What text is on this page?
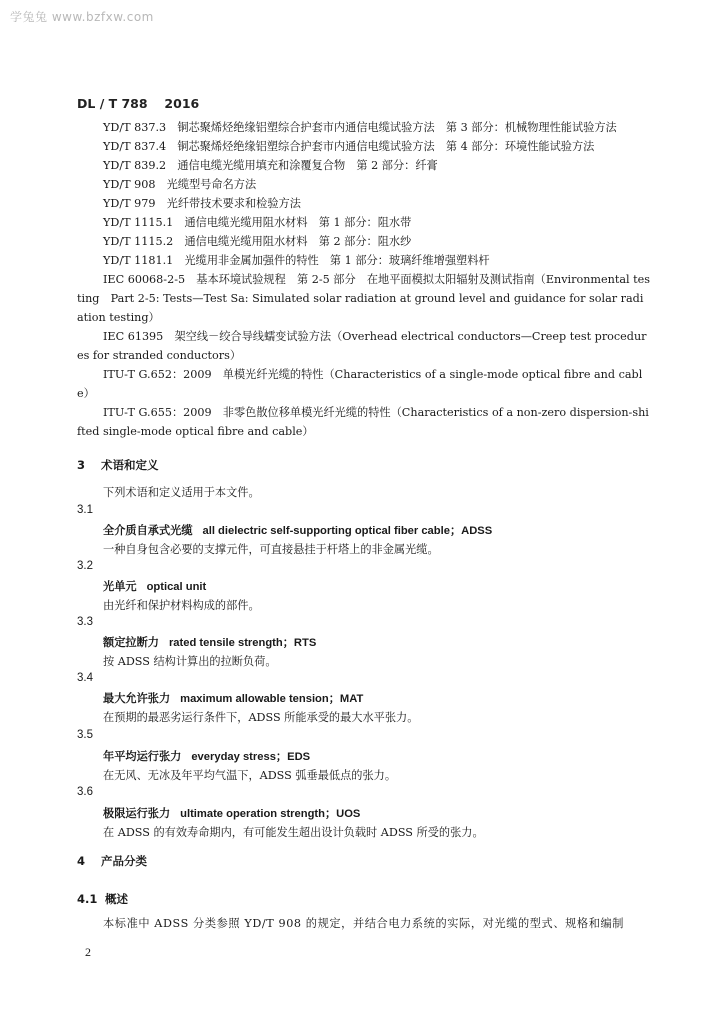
学兔兔 www.bzfxw.com
DL / T 788　 2016

YD/T 837.3　铜芯聚烯烃绝缘铝塑综合护套市内通信电缆试验方法　第 3 部分：机械物理性能试验方法

YD/T 837.4　铜芯聚烯烃绝缘铝塑综合护套市内通信电缆试验方法　第 4 部分：环境性能试验方法

YD/T 839.2　通信电缆光缆用填充和涂覆复合物　第 2 部分：纤膏

YD/T 908　光缆型号命名方法

YD/T 979　光纤带技术要求和检验方法

YD/T 1115.1　通信电缆光缆用阻水材料　第 1 部分：阻水带

YD/T 1115.2　通信电缆光缆用阻水材料　第 2 部分：阻水纱

YD/T 1181.1　光缆用非金属加强件的特性　第 1 部分：玻璃纤维增强塑料杆

IEC 60068-2-5　基本环境试验规程　第 2-5 部分　在地平面模拟太阳辐射及测试指南（Environmental testing　Part 2-5: Tests—Test Sa: Simulated solar radiation at ground level and guidance for solar radiation testing）

IEC 61395　架空线－绞合导线蠕变试验方法（Overhead electrical conductors—Creep test procedures for stranded conductors）

ITU-T G.652：2009　单模光纤光缆的特性（Characteristics of a single-mode optical fibre and cable）

ITU-T G.655：2009　非零色散位移单模光纤光缆的特性（Characteristics of a non-zero dispersion-shifted single-mode optical fibre and cable）

3 术语和定义
下列术语和定义适用于本文件。
3.1
全介质自承式光缆 all dielectric self-supporting optical fiber cable；ADSS
一种自身包含必要的支撑元件，可直接悬挂于杆塔上的非金属光缆。
3.2
光单元 optical unit
由光纤和保护材料构成的部件。
3.3
额定拉断力 rated tensile strength；RTS
按 ADSS 结构计算出的拉断负荷。
3.4
最大允许张力 maximum allowable tension；MAT
在预期的最恶劣运行条件下，ADSS 所能承受的最大水平张力。
3.5
年平均运行张力 everyday stress；EDS
在无风、无冰及年平均气温下，ADSS 弧垂最低点的张力。
3.6
极限运行张力 ultimate operation strength；UOS
在 ADSS 的有效寿命期内，有可能发生超出设计负载时 ADSS 所受的张力。
4 产品分类
4.1 概述
本标准中 ADSS 分类参照 YD/T 908 的规定，并结合电力系统的实际，对光缆的型式、规格和编制
2
